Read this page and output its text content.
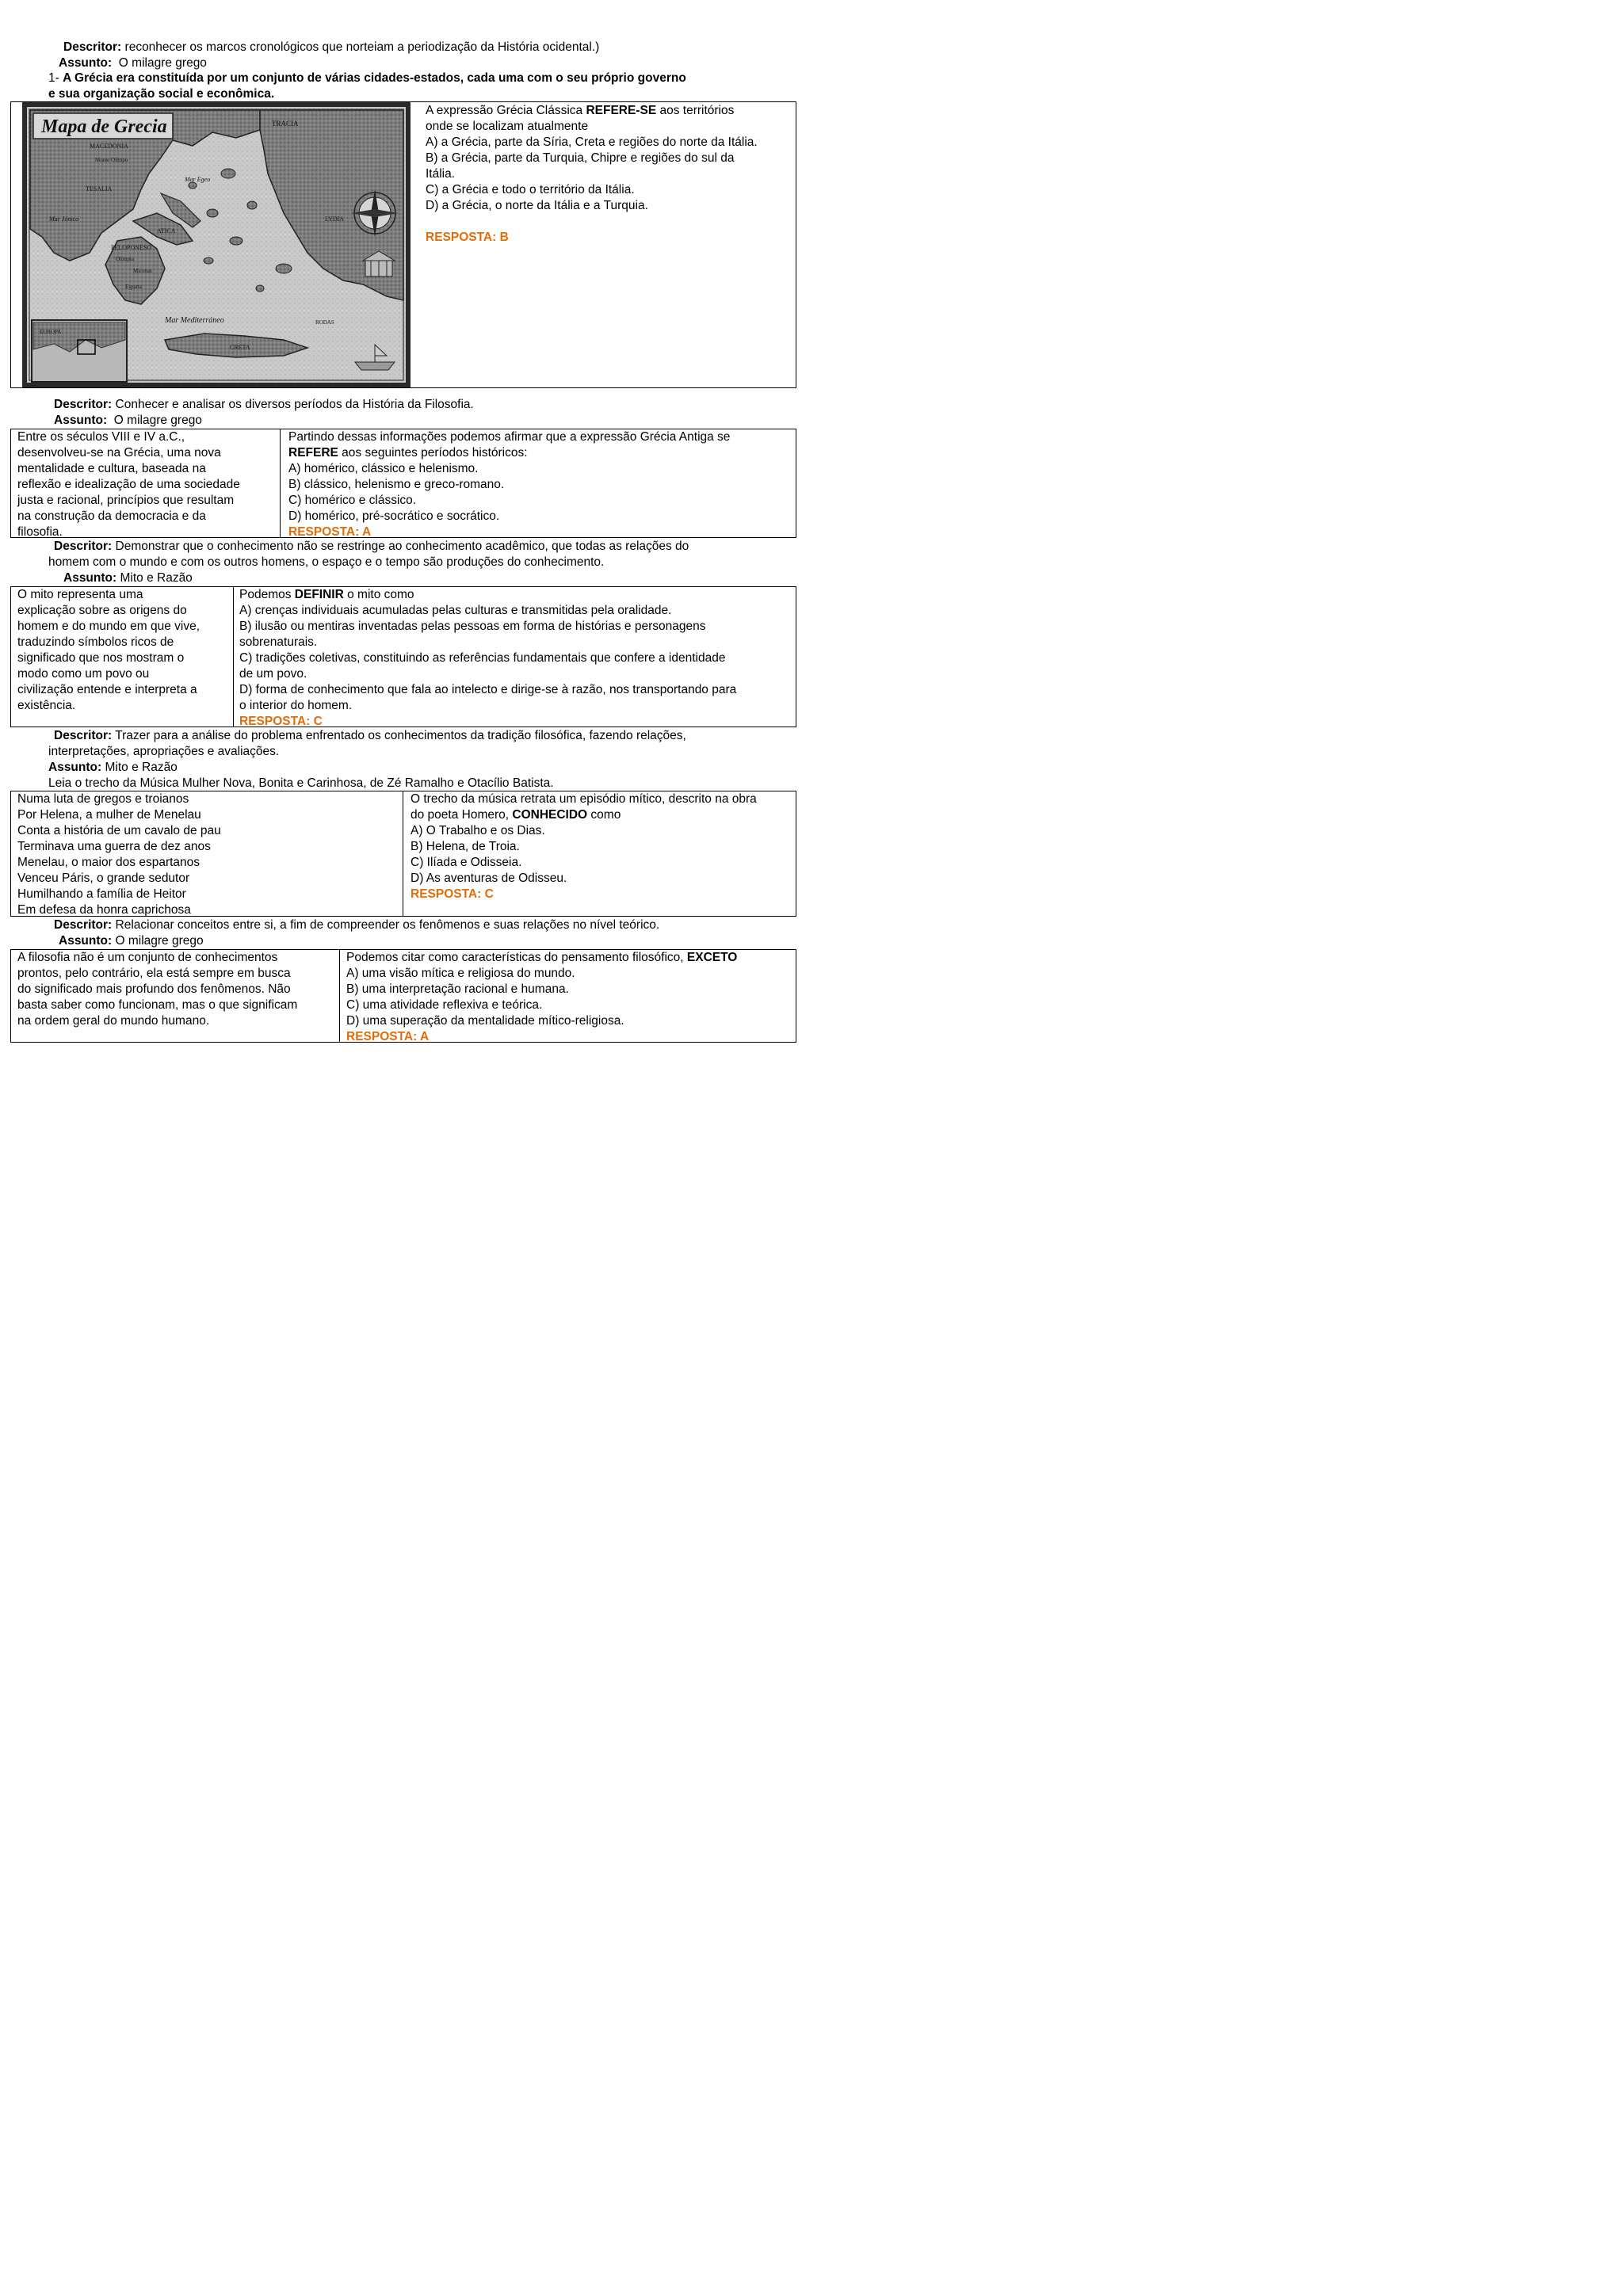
Descritor: reconhecer os marcos cronológicos que norteiam a periodização da História ocidental.)
Assunto: O milagre grego
1- A Grécia era constituída por um conjunto de várias cidades-estados, cada uma com o seu próprio governo
e sua organização social e econômica.
Mapa de Grecia	TRACIA
MACEDONIA
Monte Olimpo
TESALIA
Mar Egeo
Mar Jónico
ATICA
PELOPONESO
Olimpia
Micenas
Esparta
LYDIA
RODAS
CRETA
EUROPA
Mar Mediterráneo
A expressão Grécia Clássica REFERE-SE aos territórios
onde se localizam atualmente
A) a Grécia, parte da Síria, Creta e regiões do norte da Itália.
B) a Grécia, parte da Turquia, Chipre e regiões do sul da
Itália.
C) a Grécia e todo o território da Itália.
D) a Grécia, o norte da Itália e a Turquia.
RESPOSTA: B
Descritor: Conhecer e analisar os diversos períodos da História da Filosofia.
Assunto: O milagre grego
Entre os séculos VIII e IV a.C.,
desenvolveu-se na Grécia, uma nova
mentalidade e cultura, baseada na
reflexão e idealização de uma sociedade
justa e racional, princípios que resultam
na construção da democracia e da
filosofia.
Partindo dessas informações podemos afirmar que a expressão Grécia Antiga se
REFERE aos seguintes períodos históricos:
A) homérico, clássico e helenismo.
B) clássico, helenismo e greco-romano.
C) homérico e clássico.
D) homérico, pré-socrático e socrático.
RESPOSTA: A
Descritor: Demonstrar que o conhecimento não se restringe ao conhecimento acadêmico, que todas as relações do
homem com o mundo e com os outros homens, o espaço e o tempo são produções do conhecimento.
Assunto: Mito e Razão
O mito representa uma
explicação sobre as origens do
homem e do mundo em que vive,
traduzindo símbolos ricos de
significado que nos mostram o
modo como um povo ou
civilização entende e interpreta a
existência.
Podemos DEFINIR o mito como
A) crenças individuais acumuladas pelas culturas e transmitidas pela oralidade.
B) ilusão ou mentiras inventadas pelas pessoas em forma de histórias e personagens
sobrenaturais.
C) tradições coletivas, constituindo as referências fundamentais que confere a identidade
de um povo.
D) forma de conhecimento que fala ao intelecto e dirige-se à razão, nos transportando para
o interior do homem.
RESPOSTA: C
Descritor: Trazer para a análise do problema enfrentado os conhecimentos da tradição filosófica, fazendo relações,
interpretações, apropriações e avaliações.
Assunto: Mito e Razão
Leia o trecho da Música Mulher Nova, Bonita e Carinhosa, de Zé Ramalho e Otacílio Batista.
Numa luta de gregos e troianos
Por Helena, a mulher de Menelau
Conta a história de um cavalo de pau
Terminava uma guerra de dez anos
Menelau, o maior dos espartanos
Venceu Páris, o grande sedutor
Humilhando a família de Heitor
Em defesa da honra caprichosa
O trecho da música retrata um episódio mítico, descrito na obra
do poeta Homero, CONHECIDO como
A) O Trabalho e os Dias.
B) Helena, de Troia.
C) Ilíada e Odisseia.
D) As aventuras de Odisseu.
RESPOSTA: C
Descritor: Relacionar conceitos entre si, a fim de compreender os fenômenos e suas relações no nível teórico.
Assunto: O milagre grego
A filosofia não é um conjunto de conhecimentos
prontos, pelo contrário, ela está sempre em busca
do significado mais profundo dos fenômenos. Não
basta saber como funcionam, mas o que significam
na ordem geral do mundo humano.
Podemos citar como características do pensamento filosófico, EXCETO
A) uma visão mítica e religiosa do mundo.
B) uma interpretação racional e humana.
C) uma atividade reflexiva e teórica.
D) uma superação da mentalidade mítico-religiosa.
RESPOSTA: A
